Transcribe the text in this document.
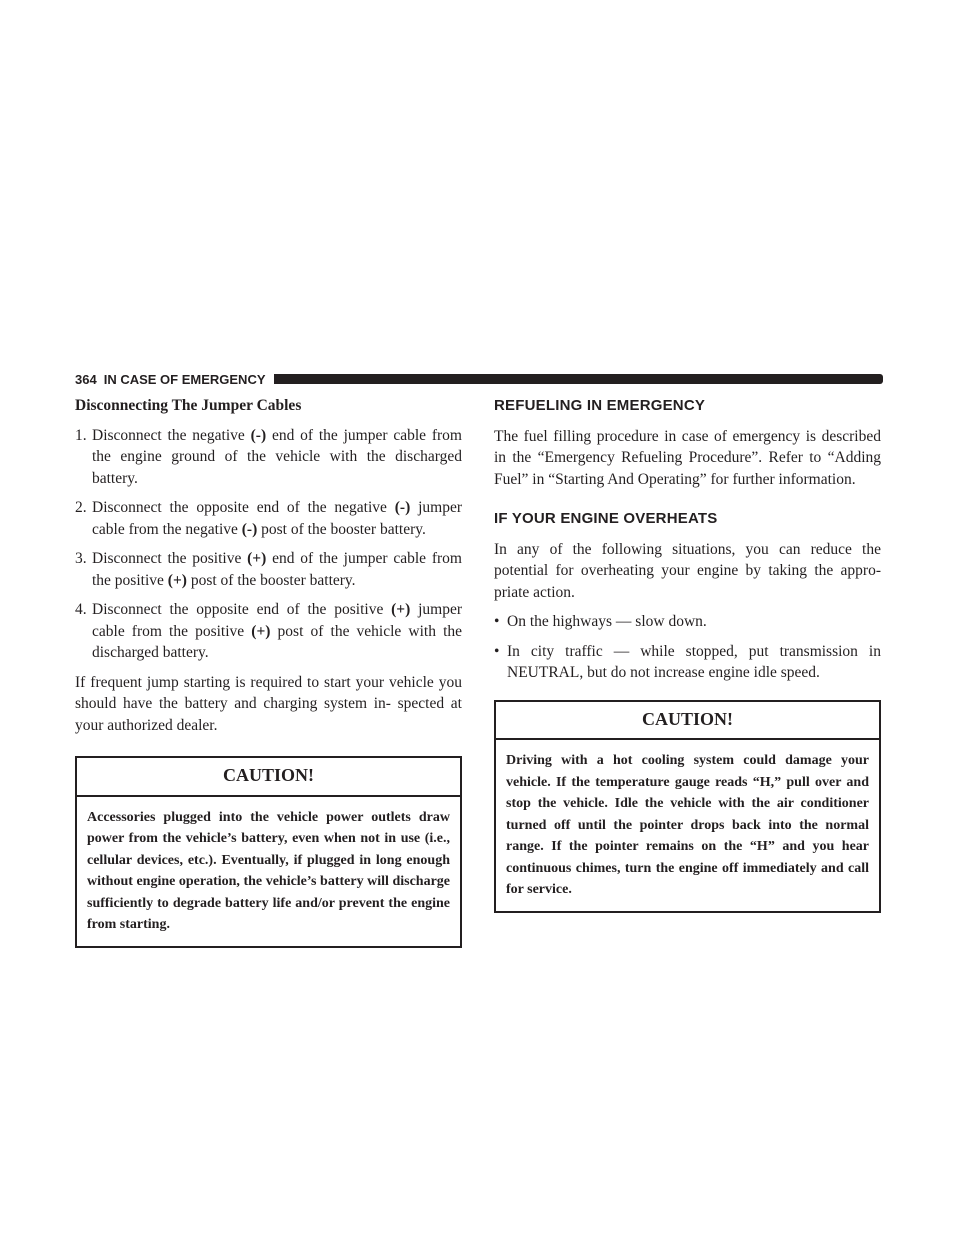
364 IN CASE OF EMERGENCY

Disconnecting The Jumper Cables

1. Disconnect the negative (-) end of the jumper cable from the engine ground of the vehicle with the discharged battery.
2. Disconnect the opposite end of the negative (-) jumper cable from the negative (-) post of the booster battery.
3. Disconnect the positive (+) end of the jumper cable from the positive (+) post of the booster battery.
4. Disconnect the opposite end of the positive (+) jumper cable from the positive (+) post of the vehicle with the discharged battery.

If frequent jump starting is required to start your vehicle you should have the battery and charging system in- spected at your authorized dealer.

CAUTION!
Accessories plugged into the vehicle power outlets draw power from the vehicle’s battery, even when not in use (i.e., cellular devices, etc.). Eventually, if plugged in long enough without engine operation, the vehicle’s battery will discharge sufficiently to degrade battery life and/or prevent the engine from starting.
REFUELING IN EMERGENCY

The fuel filling procedure in case of emergency is described in the “Emergency Refueling Procedure”. Refer to “Adding Fuel” in “Starting And Operating” for further information.

IF YOUR ENGINE OVERHEATS

In any of the following situations, you can reduce the potential for overheating your engine by taking the appro- priate action.

• On the highways — slow down.
• In city traffic — while stopped, put transmission in NEUTRAL, but do not increase engine idle speed.
CAUTION!
Driving with a hot cooling system could damage your vehicle. If the temperature gauge reads “H,” pull over and stop the vehicle. Idle the vehicle with the air conditioner turned off until the pointer drops back into the normal range. If the pointer remains on the “H” and you hear continuous chimes, turn the engine off immediately and call for service.
